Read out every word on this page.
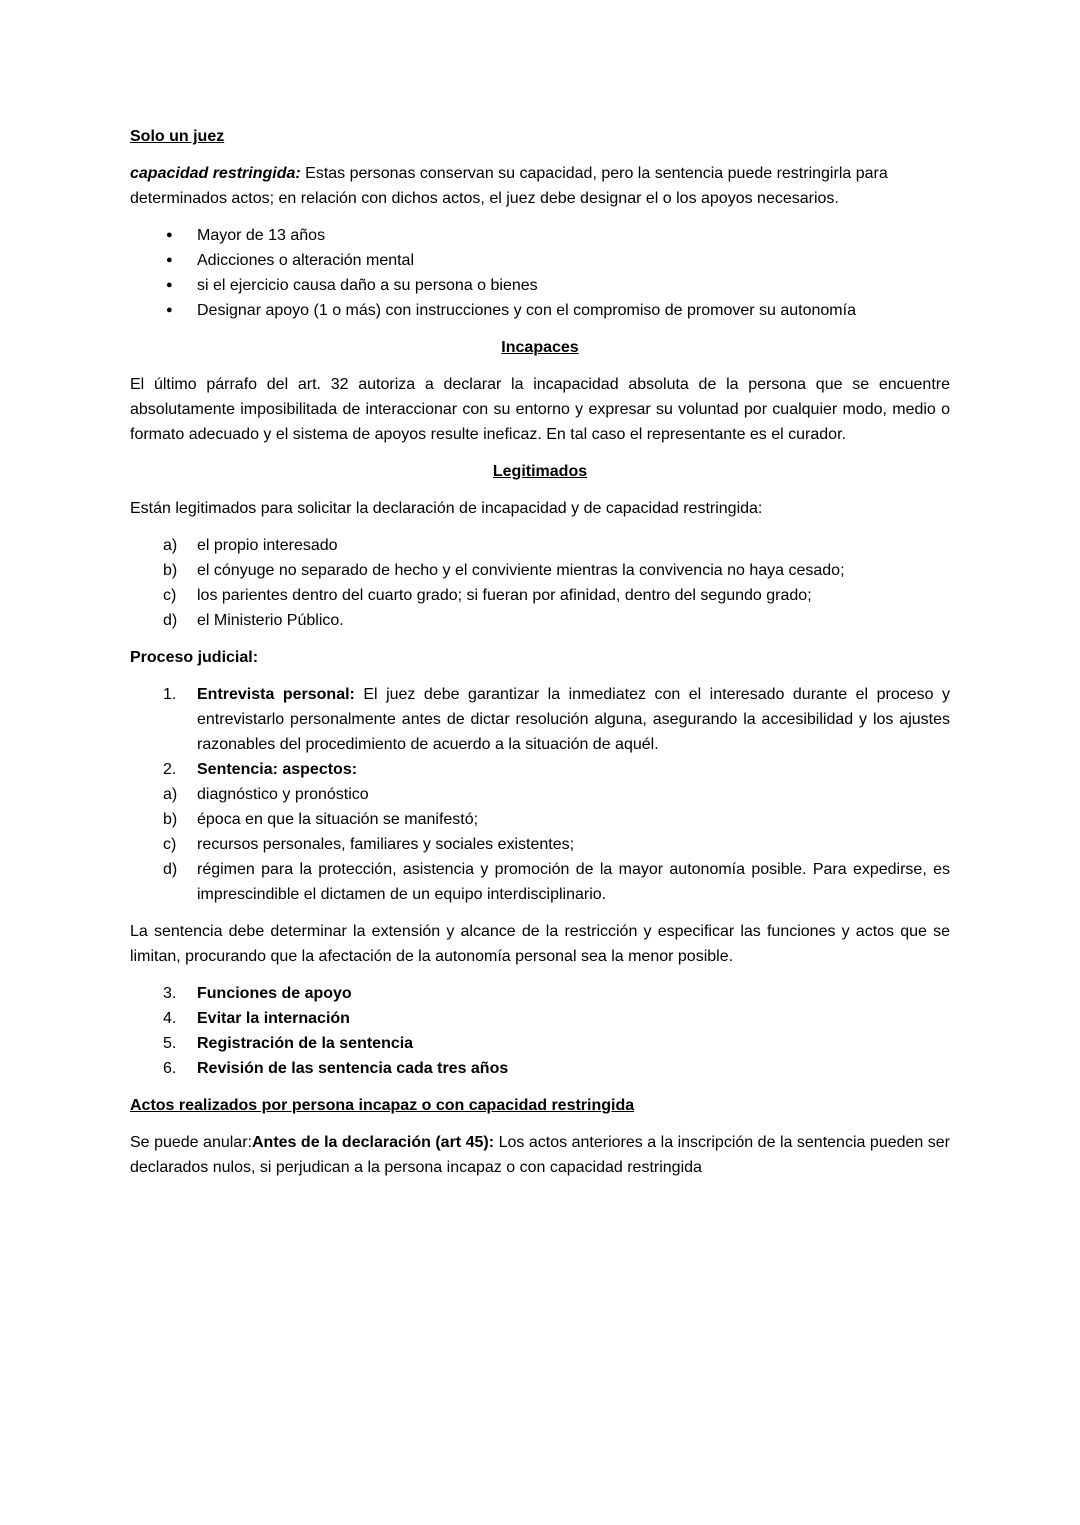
Solo un juez

capacidad restringida: Estas personas conservan su capacidad, pero la sentencia puede restringirla para determinados actos; en relación con dichos actos, el juez debe designar el o los apoyos necesarios.

● Mayor de 13 años
● Adicciones o alteración mental
● si el ejercicio causa daño a su persona o bienes
● Designar apoyo (1 o más) con instrucciones y con el compromiso de promover su autonomía
Incapaces

El último párrafo del art. 32 autoriza a declarar la incapacidad absoluta de la persona que se encuentre absolutamente imposibilitada de interaccionar con su entorno y expresar su voluntad por cualquier modo, medio o formato adecuado y el sistema de apoyos resulte ineficaz. En tal caso el representante es el curador.

Legitimados

Están legitimados para solicitar la declaración de incapacidad y de capacidad restringida:

a) el propio interesado
b) el cónyuge no separado de hecho y el conviviente mientras la convivencia no haya cesado;
c) los parientes dentro del cuarto grado; si fueran por afinidad, dentro del segundo grado;
d) el Ministerio Público.
Proceso judicial:
1. Entrevista personal: El juez debe garantizar la inmediatez con el interesado durante el proceso y entrevistarlo personalmente antes de dictar resolución alguna, asegurando la accesibilidad y los ajustes razonables del procedimiento de acuerdo a la situación de aquél.
2. Sentencia: aspectos:
a) diagnóstico y pronóstico
b) época en que la situación se manifestó;
c) recursos personales, familiares y sociales existentes;
d) régimen para la protección, asistencia y promoción de la mayor autonomía posible. Para expedirse, es imprescindible el dictamen de un equipo interdisciplinario.

La sentencia debe determinar la extensión y alcance de la restricción y especificar las funciones y actos que se limitan, procurando que la afectación de la autonomía personal sea la menor posible.

3. Funciones de apoyo
4. Evitar la internación
5. Registración de la sentencia
6. Revisión de las sentencia cada tres años
Actos realizados por persona incapaz o con capacidad restringida

Se puede anular:Antes de la declaración (art 45): Los actos anteriores a la inscripción de la sentencia pueden ser declarados nulos, si perjudican a la persona incapaz o con capacidad restringida
